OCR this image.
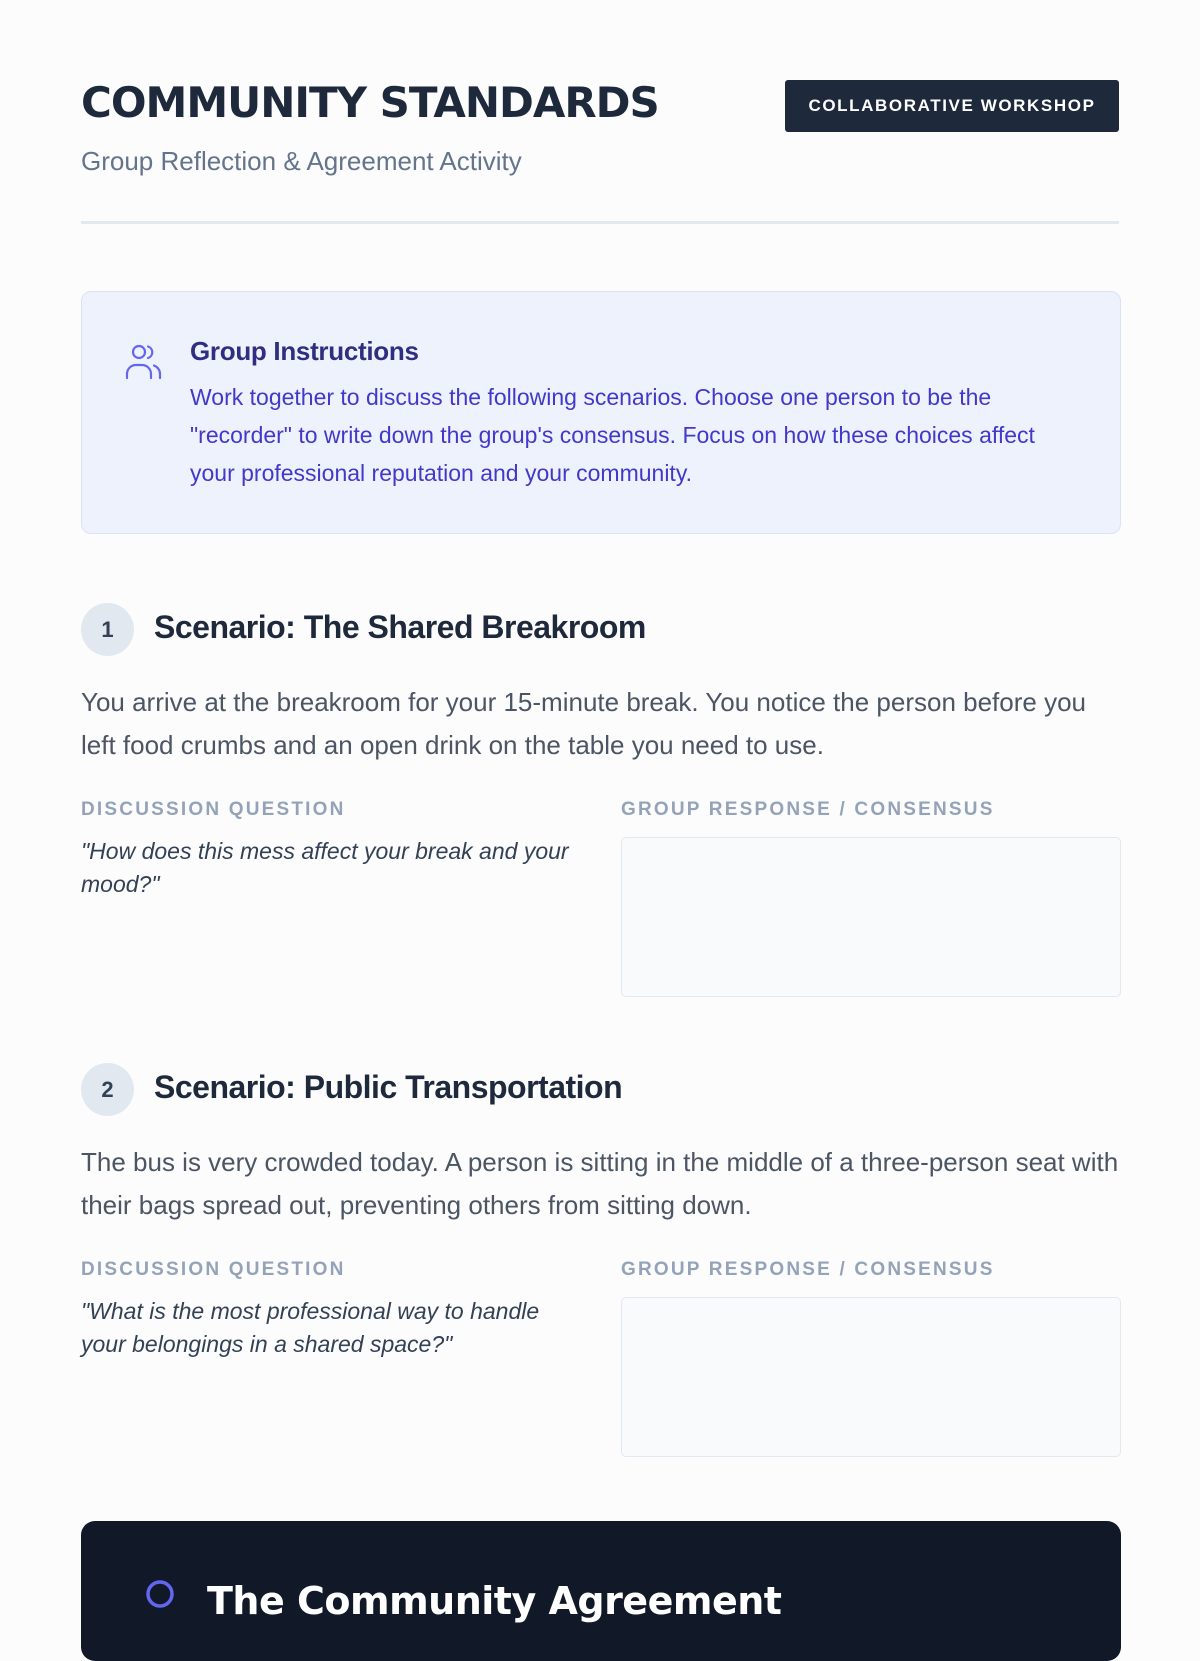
COMMUNITY STANDARDS

Group Reflection & Agreement Activity

COLLABORATIVE WORKSHOP
Group Instructions

Work together to discuss the following scenarios. Choose one person to be the "recorder" to write down the group's consensus. Focus on how these choices affect your professional reputation and your community.

1	Scenario: The Shared Breakroom

You arrive at the breakroom for your 15-minute break. You notice the person before you left food crumbs and an open drink on the table you need to use.

DISCUSSION QUESTION	GROUP RESPONSE / CONSENSUS

"How does this mess affect your break and your mood?"

2	Scenario: Public Transportation

The bus is very crowded today. A person is sitting in the middle of a three-person seat with their bags spread out, preventing others from sitting down.

DISCUSSION QUESTION	GROUP RESPONSE / CONSENSUS

"What is the most professional way to handle your belongings in a shared space?"

The Community Agreement
